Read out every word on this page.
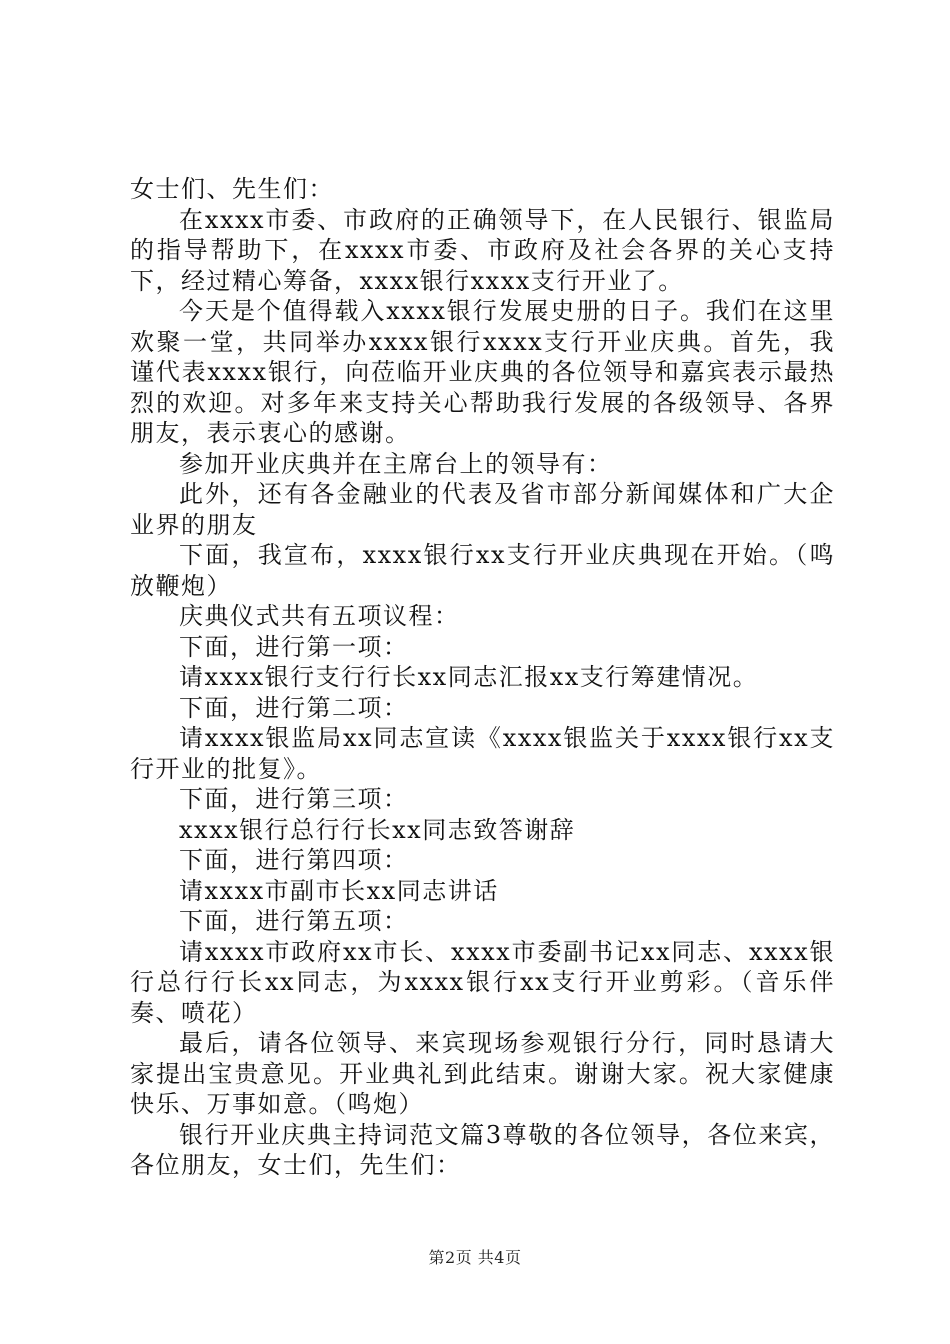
女士们、先生们：

在xxxx市委、市政府的正确领导下，在人民银行、银监局的指导帮助下，在xxxx市委、市政府及社会各界的关心支持下，经过精心筹备，xxxx银行xxxx支行开业了。

今天是个值得载入xxxx银行发展史册的日子。我们在这里欢聚一堂，共同举办xxxx银行xxxx支行开业庆典。首先，我谨代表xxxx银行，向莅临开业庆典的各位领导和嘉宾表示最热烈的欢迎。对多年来支持关心帮助我行发展的各级领导、各界朋友，表示衷心的感谢。

参加开业庆典并在主席台上的领导有：

此外，还有各金融业的代表及省市部分新闻媒体和广大企业界的朋友

下面，我宣布，xxxx银行xx支行开业庆典现在开始。（鸣放鞭炮）

庆典仪式共有五项议程：

下面，进行第一项：

请xxxx银行支行行长xx同志汇报xx支行筹建情况。

下面，进行第二项：

请xxxx银监局xx同志宣读《xxxx银监关于xxxx银行xx支行开业的批复》。

下面，进行第三项：

xxxx银行总行行长xx同志致答谢辞

下面，进行第四项：

请xxxx市副市长xx同志讲话

下面，进行第五项：

请xxxx市政府xx市长、xxxx市委副书记xx同志、xxxx银行总行行长xx同志，为xxxx银行xx支行开业剪彩。（音乐伴奏、喷花）

最后，请各位领导、来宾现场参观银行分行，同时恳请大家提出宝贵意见。开业典礼到此结束。谢谢大家。祝大家健康快乐、万事如意。（鸣炮）

银行开业庆典主持词范文篇3尊敬的各位领导，各位来宾，各位朋友，女士们，先生们：

第2页 共4页
